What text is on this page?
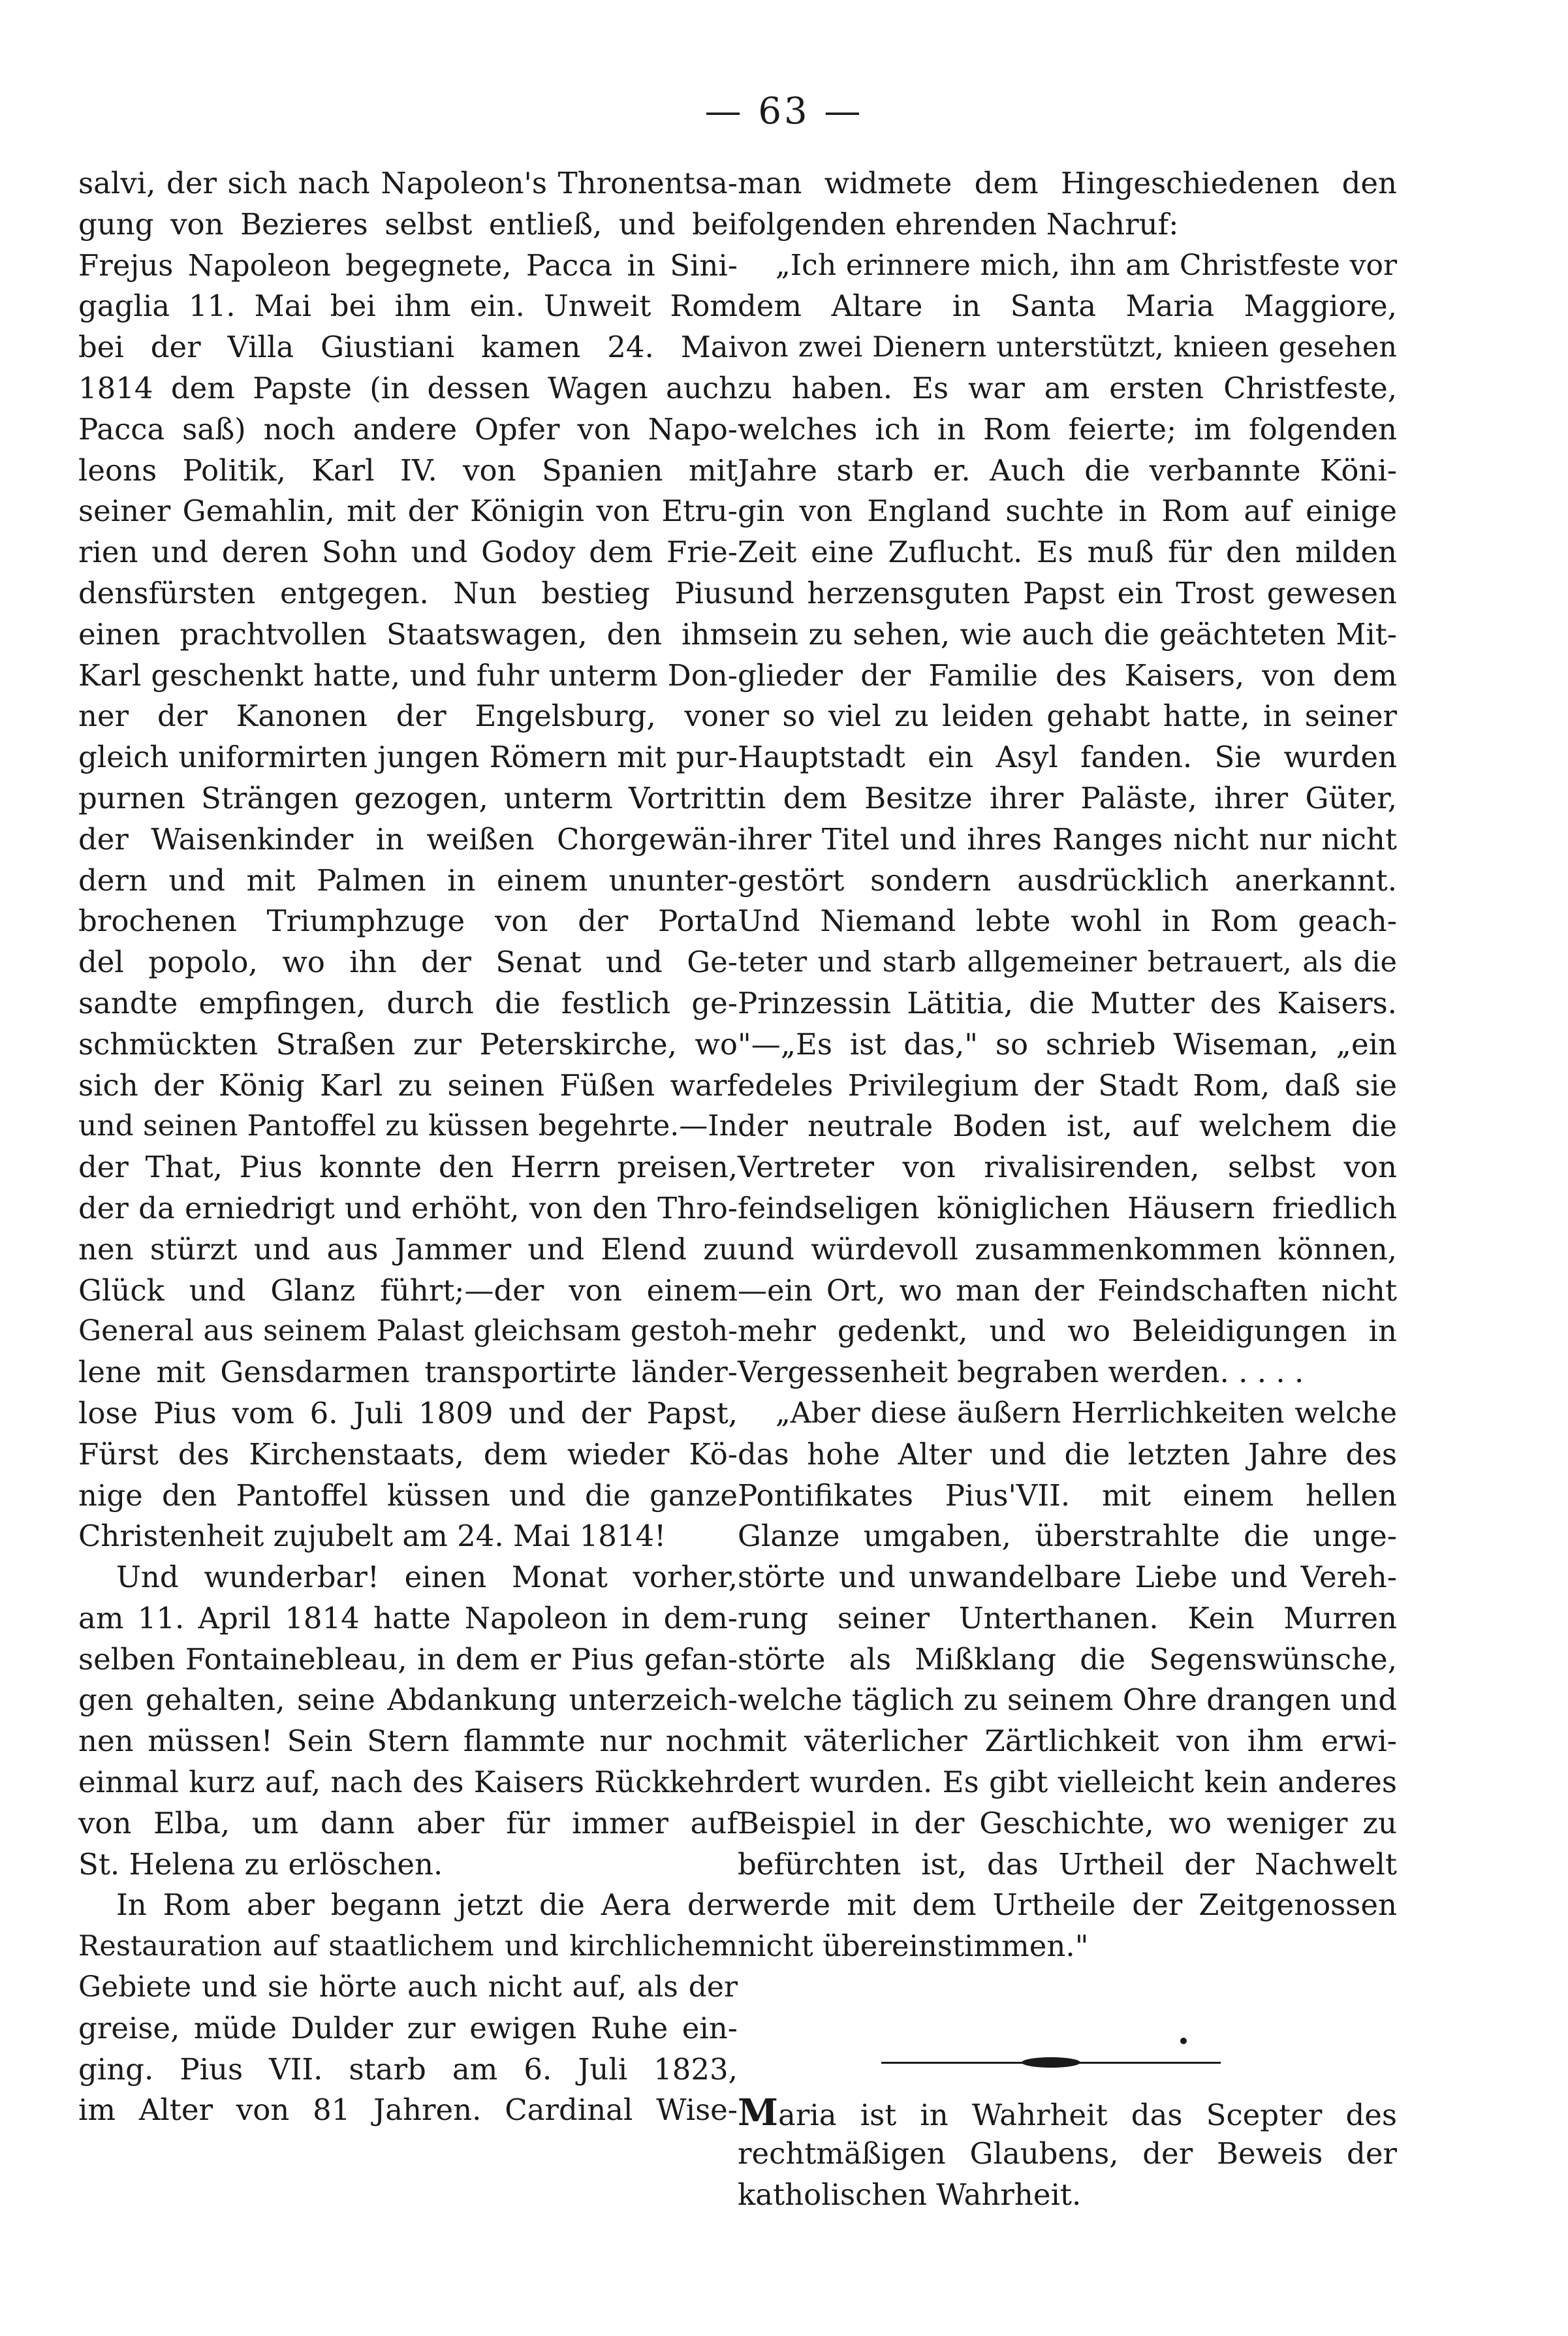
— 63 —
salvi, der sich nach Napoleon's Thronentsa-
gung von Bezieres selbst entließ, und bei
Frejus Napoleon begegnete, Pacca in Sini-
gaglia 11. Mai bei ihm ein. Unweit Rom
bei der Villa Giustiani kamen 24. Mai
1814 dem Papste (in dessen Wagen auch
Pacca saß) noch andere Opfer von Napo-
leons Politik, Karl IV. von Spanien mit
seiner Gemahlin, mit der Königin von Etru-
rien und deren Sohn und Godoy dem Frie-
densfürsten entgegen. Nun bestieg Pius
einen prachtvollen Staatswagen, den ihm
Karl geschenkt hatte, und fuhr unterm Don-
ner der Kanonen der Engelsburg, von
gleich uniformirten jungen Römern mit pur-
purnen Strängen gezogen, unterm Vortritt
der Waisenkinder in weißen Chorgewän-
dern und mit Palmen in einem ununter-
brochenen Triumphzuge von der Porta
del popolo, wo ihn der Senat und Ge-
sandte empfingen, durch die festlich ge-
schmückten Straßen zur Peterskirche, wo
sich der König Karl zu seinen Füßen warf
und seinen Pantoffel zu küssen begehrte.—In
der That, Pius konnte den Herrn preisen,
der da erniedrigt und erhöht, von den Thro-
nen stürzt und aus Jammer und Elend zu
Glück und Glanz führt;—der von einem
General aus seinem Palast gleichsam gestoh-
lene mit Gensdarmen transportirte länder-
lose Pius vom 6. Juli 1809 und der Papst,
Fürst des Kirchenstaats, dem wieder Kö-
nige den Pantoffel küssen und die ganze
Christenheit zujubelt am 24. Mai 1814!
Und wunderbar! einen Monat vorher,
am 11. April 1814 hatte Napoleon in dem-
selben Fontainebleau, in dem er Pius gefan-
gen gehalten, seine Abdankung unterzeich-
nen müssen! Sein Stern flammte nur noch
einmal kurz auf, nach des Kaisers Rückkehr
von Elba, um dann aber für immer auf
St. Helena zu erlöschen.
In Rom aber begann jetzt die Aera der
Restauration auf staatlichem und kirchlichem
Gebiete und sie hörte auch nicht auf, als der
greise, müde Dulder zur ewigen Ruhe ein-
ging. Pius VII. starb am 6. Juli 1823,
im Alter von 81 Jahren. Cardinal Wise-
man widmete dem Hingeschiedenen den
folgenden ehrenden Nachruf:
„Ich erinnere mich, ihn am Christfeste vor
dem Altare in Santa Maria Maggiore,
von zwei Dienern unterstützt, knieen gesehen
zu haben. Es war am ersten Christfeste,
welches ich in Rom feierte; im folgenden
Jahre starb er. Auch die verbannte Köni-
gin von England suchte in Rom auf einige
Zeit eine Zuflucht. Es muß für den milden
und herzensguten Papst ein Trost gewesen
sein zu sehen, wie auch die geächteten Mit-
glieder der Familie des Kaisers, von dem
er so viel zu leiden gehabt hatte, in seiner
Hauptstadt ein Asyl fanden. Sie wurden
in dem Besitze ihrer Paläste, ihrer Güter,
ihrer Titel und ihres Ranges nicht nur nicht
gestört sondern ausdrücklich anerkannt.
Und Niemand lebte wohl in Rom geach-
teter und starb allgemeiner betrauert, als die
Prinzessin Lätitia, die Mutter des Kaisers.
"—„Es ist das," so schrieb Wiseman, „ein
edeles Privilegium der Stadt Rom, daß sie
der neutrale Boden ist, auf welchem die
Vertreter von rivalisirenden, selbst von
feindseligen königlichen Häusern friedlich
und würdevoll zusammenkommen können,
—ein Ort, wo man der Feindschaften nicht
mehr gedenkt, und wo Beleidigungen in
Vergessenheit begraben werden. . . . .
„Aber diese äußern Herrlichkeiten welche
das hohe Alter und die letzten Jahre des
Pontifikates Pius'VII. mit einem hellen
Glanze umgaben, überstrahlte die unge-
störte und unwandelbare Liebe und Vereh-
rung seiner Unterthanen. Kein Murren
störte als Mißklang die Segenswünsche,
welche täglich zu seinem Ohre drangen und
mit väterlicher Zärtlichkeit von ihm erwi-
dert wurden. Es gibt vielleicht kein anderes
Beispiel in der Geschichte, wo weniger zu
befürchten ist, das Urtheil der Nachwelt
werde mit dem Urtheile der Zeitgenossen
nicht übereinstimmen."
Maria ist in Wahrheit das Scepter des
rechtmäßigen Glaubens, der Beweis der
katholischen Wahrheit.
